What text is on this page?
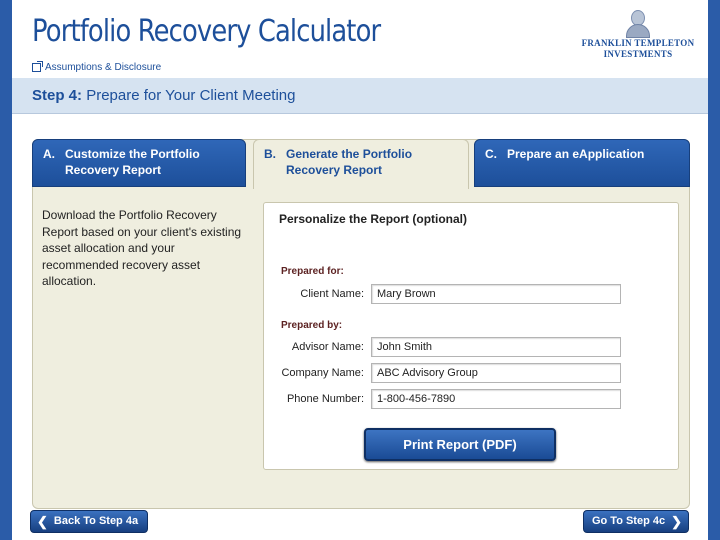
Portfolio Recovery Calculator
Assumptions & Disclosure
FRANKLIN TEMPLETON
INVESTMENTS
Step 4: Prepare for Your Client Meeting
A. Customize the Portfolio Recovery Report
B. Generate the Portfolio Recovery Report
C. Prepare an eApplication
Download the Portfolio Recovery Report based on your client's existing asset allocation and your recommended recovery asset allocation.
Personalize the Report (optional)
Prepared for:
Client Name:	Mary Brown
Prepared by:
Advisor Name:	John Smith
Company Name:	ABC Advisory Group
Phone Number:	1-800-456-7890
Print Report (PDF)
❮ Back To Step 4a	Go To Step 4c ❯
